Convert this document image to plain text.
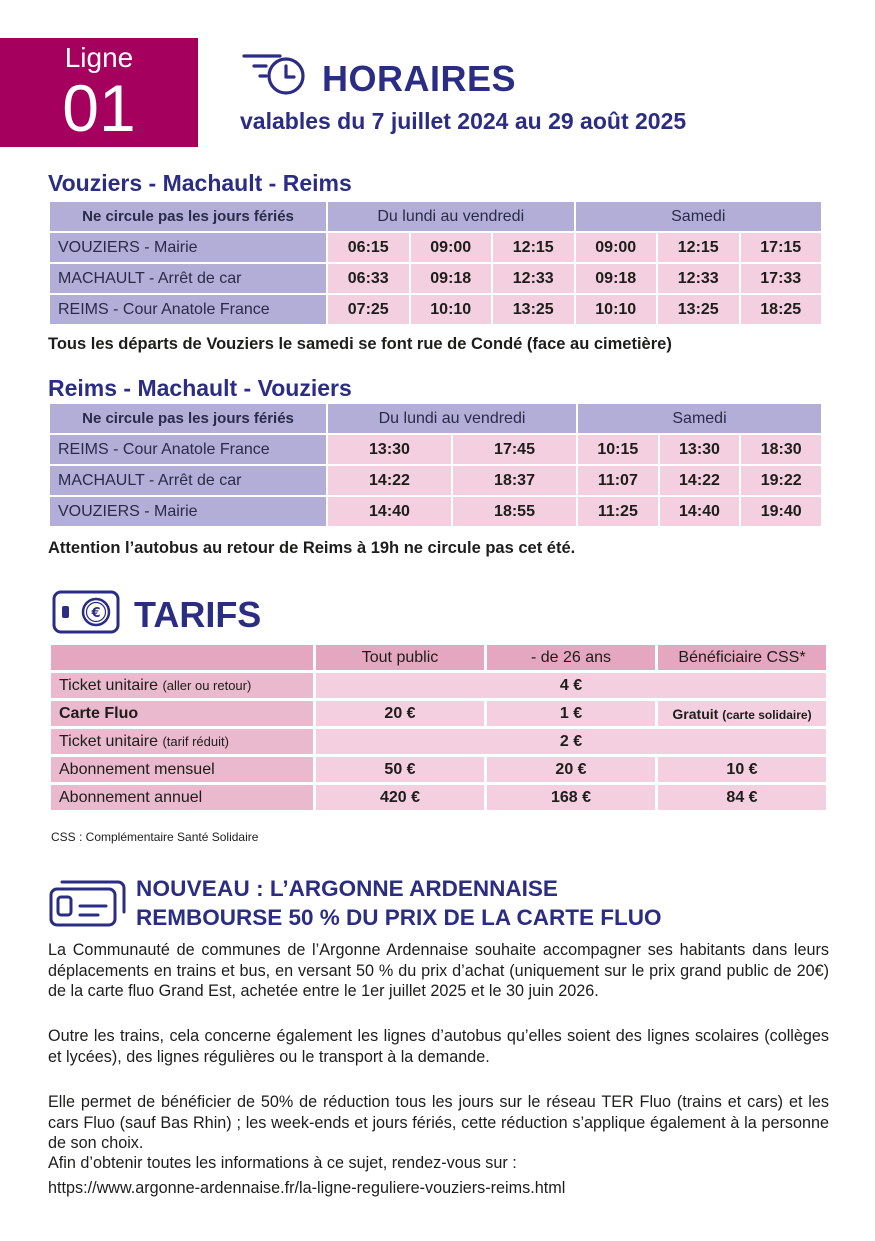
Ligne
01	HORAIRES
valables du 7 juillet 2024 au 29 août 2025
Vouziers - Machault - Reims
Ne circule pas les jours fériés	Du lundi au vendredi			Samedi		
VOUZIERS - Mairie	06:15	09:00	12:15	09:00	12:15	17:15
MACHAULT - Arrêt de car	06:33	09:18	12:33	09:18	12:33	17:33
REIMS - Cour Anatole France	07:25	10:10	13:25	10:10	13:25	18:25
Tous les départs de Vouziers le samedi se font rue de Condé (face au cimetière)
Reims - Machault - Vouziers
Ne circule pas les jours fériés	Du lundi au vendredi		Samedi		
REIMS - Cour Anatole France	13:30	17:45	10:15	13:30	18:30
MACHAULT - Arrêt de car	14:22	18:37	11:07	14:22	19:22
VOUZIERS - Mairie	14:40	18:55	11:25	14:40	19:40
Attention l’autobus au retour de Reims à 19h ne circule pas cet été.
€ TARIFS
	Tout public	- de 26 ans	Bénéficiaire CSS*
Ticket unitaire (aller ou retour)	4 €		
Carte Fluo	20 €	1 €	Gratuit (carte solidaire)
Ticket unitaire (tarif réduit)	2 €		
Abonnement mensuel	50 €	20 €	10 €
Abonnement annuel	420 €	168 €	84 €
CSS : Complémentaire Santé Solidaire
NOUVEAU : L’ARGONNE ARDENNAISE
REMBOURSE 50 % DU PRIX DE LA CARTE FLUO
La Communauté de communes de l’Argonne Ardennaise souhaite accompagner ses habitants dans leurs déplacements en trains et bus, en versant 50 % du prix d’achat (uniquement sur le prix grand public de 20€) de la carte fluo Grand Est, achetée entre le 1er juillet 2025 et le 30 juin 2026.
Outre les trains, cela concerne également les lignes d’autobus qu’elles soient des lignes scolaires (collèges et lycées), des lignes régulières ou le transport à la demande.
Elle permet de bénéficier de 50% de réduction tous les jours sur le réseau TER Fluo (trains et cars) et les cars Fluo (sauf Bas Rhin) ; les week-ends et jours fériés, cette réduction s’applique également à la personne de son choix.
Afin d’obtenir toutes les informations à ce sujet, rendez-vous sur :
https://www.argonne-ardennaise.fr/la-ligne-reguliere-vouziers-reims.html
